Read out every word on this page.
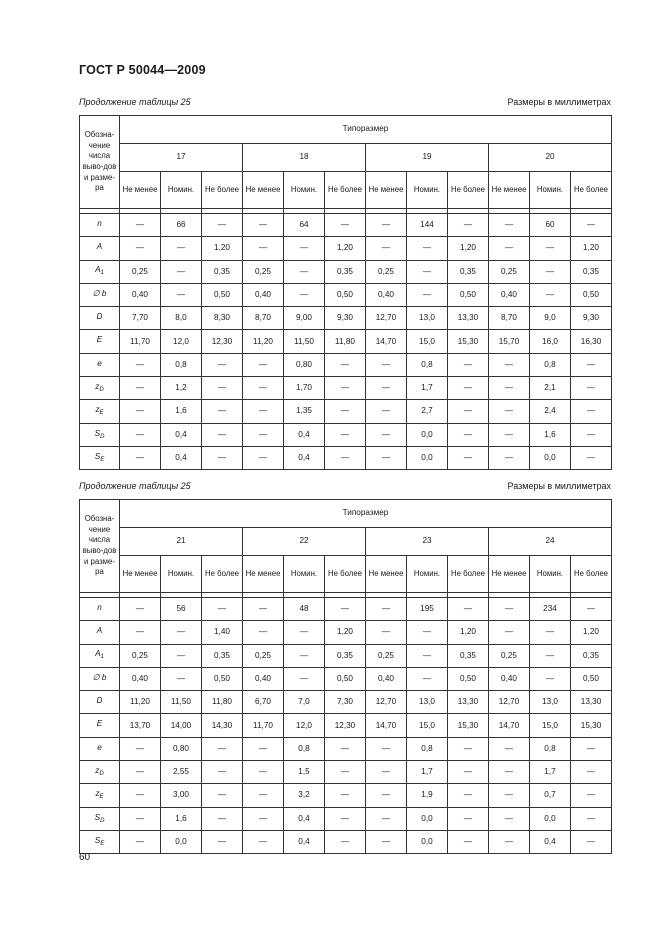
ГОСТ Р 50044—2009
Продолжение таблицы 25	Размеры в миллиметрах
Обозна-чение числа выво-дов и разме-ра	Типоразмер											
	17			18			19			20		
	Не менее	Номин.	Не более	Не менее	Номин.	Не более	Не менее	Номин.	Не более	Не менее	Номин.	Не более

n	—	66	—	—	64	—	—	144	—	—	60	—
A	—	—	1,20	—	—	1,20	—	—	1,20	—	—	1,20
$A_1$	0,25	—	0,35	0,25	—	0,35	0,25	—	0,35	0,25	—	0,35
∅ b	0,40	—	0,50	0,40	—	0,50	0,40	—	0,50	0,40	—	0,50
D	7,70	8,0	8,30	8,70	9,00	9,30	12,70	13,0	13,30	8,70	9,0	9,30
E	11,70	12,0	12,30	11,20	11,50	11,80	14,70	15,0	15,30	15,70	16,0	16,30
e	—	0,8	—	—	0,80	—	—	0,8	—	—	0,8	—
$z_D$	—	1,2	—	—	1,70	—	—	1,7	—	—	2,1	—
$z_E$	—	1,6	—	—	1,35	—	—	2,7	—	—	2,4	—
$S_D$	—	0,4	—	—	0,4	—	—	0,0	—	—	1,6	—
$S_E$	—	0,4	—	—	0,4	—	—	0,0	—	—	0,0	—
Продолжение таблицы 25	Размеры в миллиметрах
Обозна-чение числа выво-дов и разме-ра	Типоразмер											
	21			22			23			24		
	Не менее	Номин.	Не более	Не менее	Номин.	Не более	Не менее	Номин.	Не более	Не менее	Номин.	Не более

n	—	56	—	—	48	—	—	195	—	—	234	—
A	—	—	1,40	—	—	1,20	—	—	1,20	—	—	1,20
$A_1$	0,25	—	0,35	0,25	—	0,35	0,25	—	0,35	0,25	—	0,35
∅ b	0,40	—	0,50	0,40	—	0,50	0,40	—	0,50	0,40	—	0,50
D	11,20	11,50	11,80	6,70	7,0	7,30	12,70	13,0	13,30	12,70	13,0	13,30
E	13,70	14,00	14,30	11,70	12,0	12,30	14,70	15,0	15,30	14,70	15,0	15,30
e	—	0,80	—	—	0,8	—	—	0,8	—	—	0,8	—
$z_D$	—	2,55	—	—	1,5	—	—	1,7	—	—	1,7	—
$z_E$	—	3,00	—	—	3,2	—	—	1,9	—	—	0,7	—
$S_D$	—	1,6	—	—	0,4	—	—	0,0	—	—	0,0	—
$S_E$	—	0,0	—	—	0,4	—	—	0,0	—	—	0,4	—
60
